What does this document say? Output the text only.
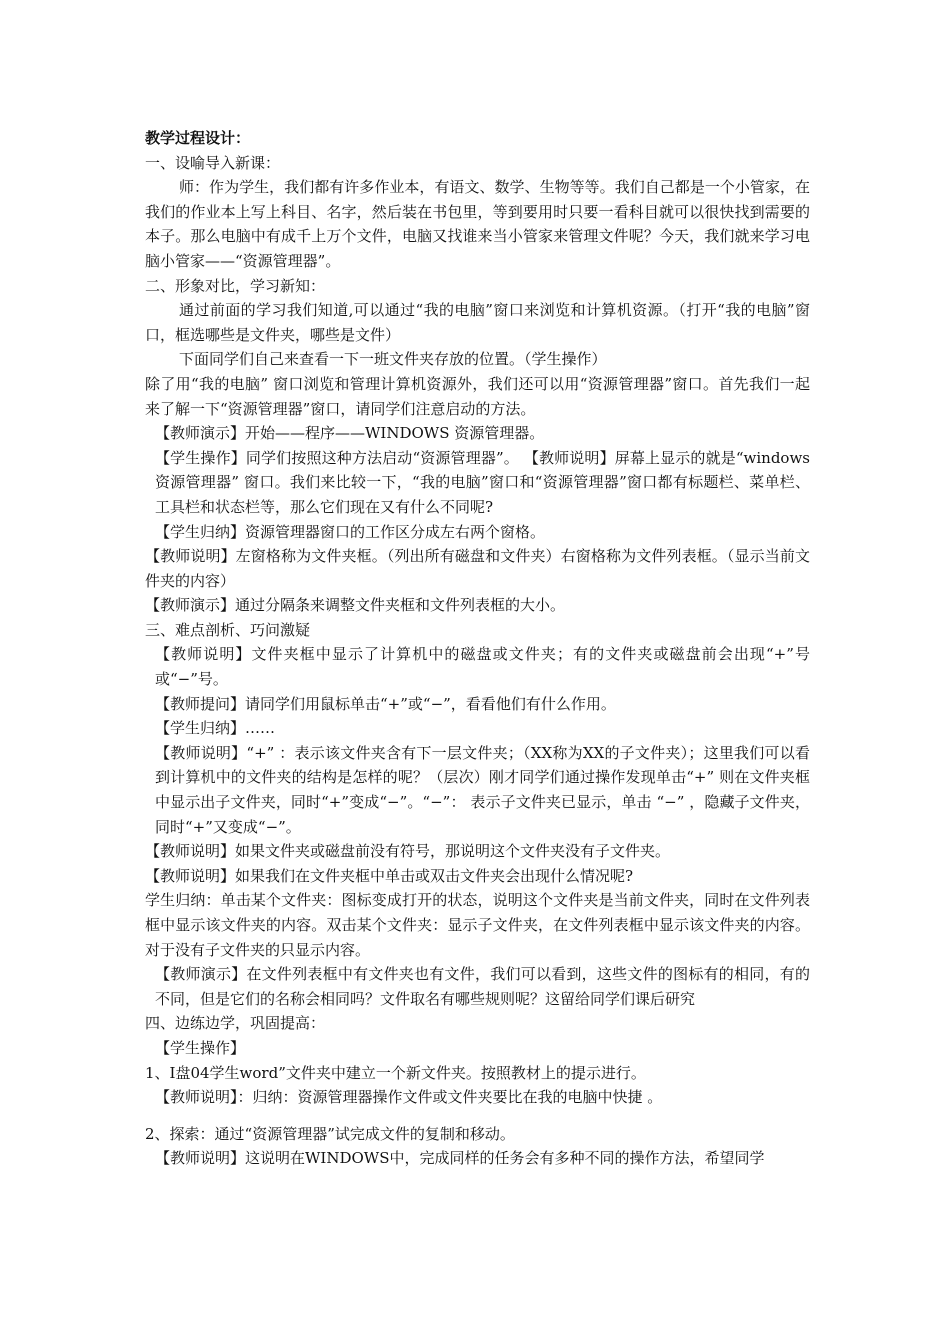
教学过程设计：

一、设喻导入新课：

师：作为学生，我们都有许多作业本，有语文、数学、生物等等。我们自己都是一个小管家，在我们的作业本上写上科目、名字，然后装在书包里，等到要用时只要一看科目就可以很快找到需要的本子。那么电脑中有成千上万个文件，电脑又找谁来当小管家来管理文件呢？今天，我们就来学习电脑小管家——“资源管理器”。

二、形象对比，学习新知：

通过前面的学习我们知道,可以通过“我的电脑”窗口来浏览和计算机资源。（打开“我的电脑”窗口，框选哪些是文件夹，哪些是文件）

下面同学们自己来查看一下一班文件夹存放的位置。（学生操作）

除了用“我的电脑” 窗口浏览和管理计算机资源外，我们还可以用“资源管理器”窗口。首先我们一起来了解一下“资源管理器”窗口，请同学们注意启动的方法。

【教师演示】开始——程序——WINDOWS 资源管理器。

【学生操作】同学们按照这种方法启动“资源管理器”。 【教师说明】屏幕上显示的就是“windows资源管理器” 窗口。我们来比较一下，“我的电脑”窗口和“资源管理器”窗口都有标题栏、菜单栏、工具栏和状态栏等，那么它们现在又有什么不同呢?

【学生归纳】资源管理器窗口的工作区分成左右两个窗格。

【教师说明】左窗格称为文件夹框。（列出所有磁盘和文件夹）右窗格称为文件列表框。（显示当前文件夹的内容）

【教师演示】通过分隔条来调整文件夹框和文件列表框的大小。

三、难点剖析、巧问激疑

【教师说明】文件夹框中显示了计算机中的磁盘或文件夹；有的文件夹或磁盘前会出现“+”号或“−”号。

【教师提问】请同学们用鼠标单击“+”或“−”，看看他们有什么作用。

【学生归纳】……

【教师说明】“+” ：表示该文件夹含有下一层文件夹；（XX称为XX的子文件夹）；这里我们可以看到计算机中的文件夹的结构是怎样的呢？（层次）刚才同学们通过操作发现单击“+” 则在文件夹框中显示出子文件夹，同时“+”变成“−”。“−”： 表示子文件夹已显示，单击 “−” ，隐藏子文件夹，同时“+”又变成“−”。

【教师说明】如果文件夹或磁盘前没有符号，那说明这个文件夹没有子文件夹。

【教师说明】如果我们在文件夹框中单击或双击文件夹会出现什么情况呢?

学生归纳：单击某个文件夹：图标变成打开的状态，说明这个文件夹是当前文件夹，同时在文件列表框中显示该文件夹的内容。双击某个文件夹：显示子文件夹，在文件列表框中显示该文件夹的内容。对于没有子文件夹的只显示内容。

【教师演示】在文件列表框中有文件夹也有文件，我们可以看到，这些文件的图标有的相同，有的不同，但是它们的名称会相同吗？文件取名有哪些规则呢？这留给同学们课后研究

四、边练边学，巩固提高：

【学生操作】

1、I盘04学生word”文件夹中建立一个新文件夹。按照教材上的提示进行。

【教师说明】：归纳：资源管理器操作文件或文件夹要比在我的电脑中快捷 。

2、探索：通过“资源管理器”试完成文件的复制和移动。

【教师说明】这说明在WINDOWS中，完成同样的任务会有多种不同的操作方法，希望同学
